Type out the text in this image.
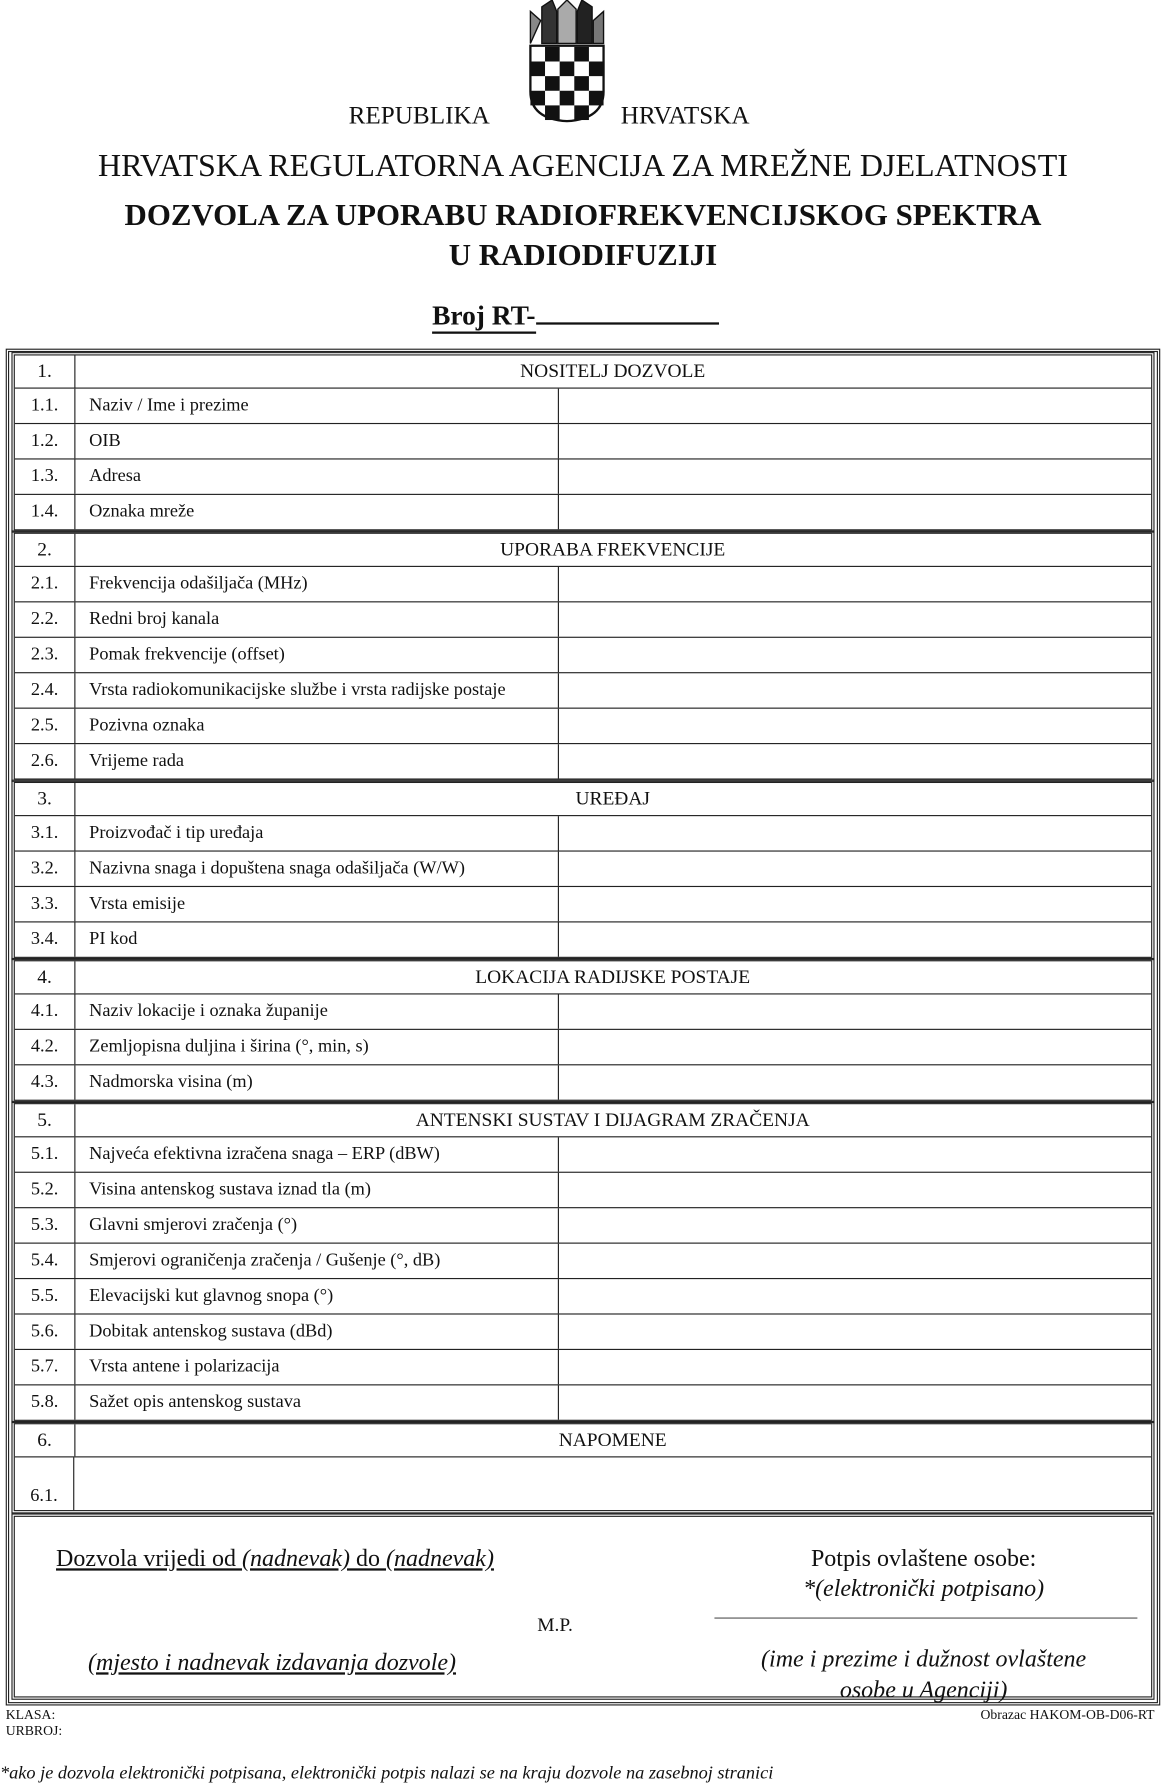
REPUBLIKA	HRVATSKA
HRVATSKA REGULATORNA AGENCIJA ZA MREŽNE DJELATNOSTI
DOZVOLA ZA UPORABU RADIOFREKVENCIJSKOG SPEKTRA
U RADIODIFUZIJI
Broj RT-
Dozvola vrijedi od (nadnevak) do (nadnevak)
(mjesto i nadnevak izdavanja dozvole)
M.P.
Potpis ovlaštene osobe:
*(elektronički potpisano)
(ime i prezime i dužnost ovlaštene
osobe u Agenciji)
1.	NOSITELJ DOZVOLE
1.1.	Naziv / Ime i prezime
1.2.	OIB
1.3.	Adresa
1.4.	Oznaka mreže
2.	UPORABA FREKVENCIJE
2.1.	Frekvencija odašiljača (MHz)
2.2.	Redni broj kanala
2.3.	Pomak frekvencije (offset)
2.4.	Vrsta radiokomunikacijske službe i vrsta radijske postaje
2.5.	Pozivna oznaka
2.6.	Vrijeme rada
3.	UREĐAJ
3.1.	Proizvođač i tip uređaja
3.2.	Nazivna snaga i dopuštena snaga odašiljača (W/W)
3.3.	Vrsta emisije
3.4.	PI kod
4.	LOKACIJA RADIJSKE POSTAJE
4.1.	Naziv lokacije i oznaka županije
4.2.	Zemljopisna duljina i širina (°, min, s)
4.3.	Nadmorska visina (m)
5.	ANTENSKI SUSTAV I DIJAGRAM ZRAČENJA
5.1.	Najveća efektivna izračena snaga – ERP (dBW)
5.2.	Visina antenskog sustava iznad tla (m)
5.3.	Glavni smjerovi zračenja (°)
5.4.	Smjerovi ograničenja zračenja / Gušenje (°, dB)
5.5.	Elevacijski kut glavnog snopa (°)
5.6.	Dobitak antenskog sustava (dBd)
5.7.	Vrsta antene i polarizacija
5.8.	Sažet opis antenskog sustava
6.	NAPOMENE
6.1.
KLASA:
URBROJ:
Obrazac HAKOM-OB-D06-RT
*ako je dozvola elektronički potpisana, elektronički potpis nalazi se na kraju dozvole na zasebnoj stranici
